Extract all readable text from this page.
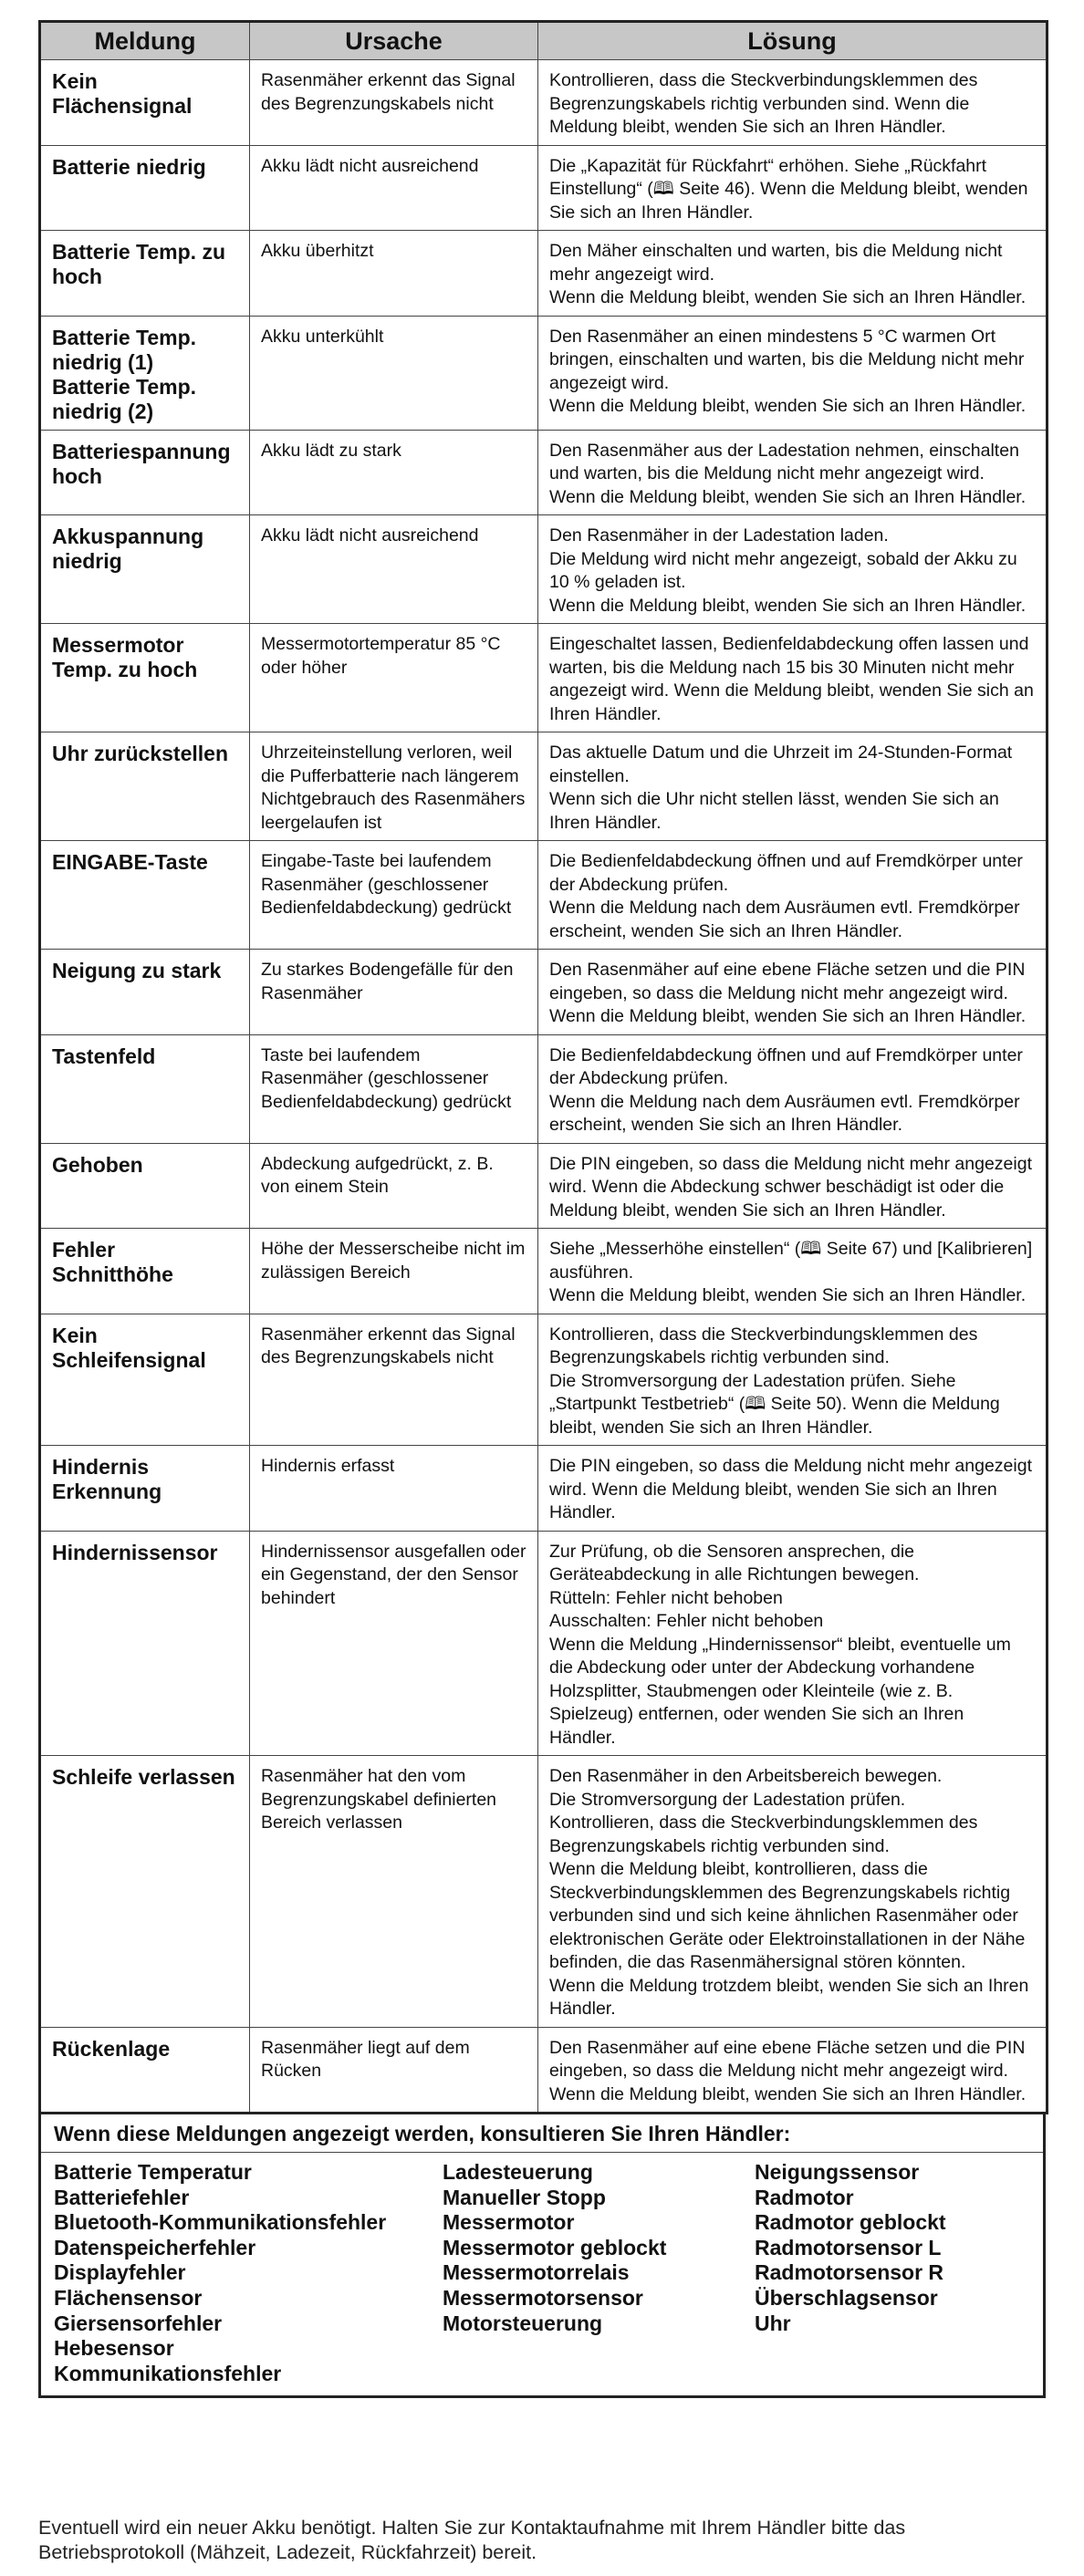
Meldung	Ursache	Lösung

Kein
Flächensignal	Rasenmäher erkennt das Signal des Begrenzungskabels nicht	Kontrollieren, dass die Steckverbindungsklemmen des Begrenzungskabels richtig verbunden sind. Wenn die Meldung bleibt, wenden Sie sich an Ihren Händler.

Batterie niedrig	Akku lädt nicht ausreichend	Die „Kapazität für Rückfahrt“ erhöhen. Siehe „Rückfahrt Einstellung“ (🕮 Seite 46). Wenn die Meldung bleibt, wenden Sie sich an Ihren Händler.

Batterie Temp. zu
hoch	Akku überhitzt	Den Mäher einschalten und warten, bis die Meldung nicht mehr angezeigt wird.
Wenn die Meldung bleibt, wenden Sie sich an Ihren Händler.

Batterie Temp.
niedrig (1)
Batterie Temp.
niedrig (2)	Akku unterkühlt	Den Rasenmäher an einen mindestens 5 °C warmen Ort bringen, einschalten und warten, bis die Meldung nicht mehr angezeigt wird.
Wenn die Meldung bleibt, wenden Sie sich an Ihren Händler.

Batteriespannung
hoch	Akku lädt zu stark	Den Rasenmäher aus der Ladestation nehmen, einschalten und warten, bis die Meldung nicht mehr angezeigt wird.
Wenn die Meldung bleibt, wenden Sie sich an Ihren Händler.

Akkuspannung
niedrig	Akku lädt nicht ausreichend	Den Rasenmäher in der Ladestation laden.
Die Meldung wird nicht mehr angezeigt, sobald der Akku zu 10 % geladen ist.
Wenn die Meldung bleibt, wenden Sie sich an Ihren Händler.

Messermotor
Temp. zu hoch	Messermotortemperatur 85 °C oder höher	Eingeschaltet lassen, Bedienfeldabdeckung offen lassen und warten, bis die Meldung nach 15 bis 30 Minuten nicht mehr angezeigt wird. Wenn die Meldung bleibt, wenden Sie sich an Ihren Händler.

Uhr zurückstellen	Uhrzeiteinstellung verloren, weil die Pufferbatterie nach längerem Nichtgebrauch des Rasenmähers leergelaufen ist	Das aktuelle Datum und die Uhrzeit im 24-Stunden-Format einstellen.
Wenn sich die Uhr nicht stellen lässt, wenden Sie sich an Ihren Händler.

EINGABE-Taste	Eingabe-Taste bei laufendem Rasenmäher (geschlossener Bedienfeldabdeckung) gedrückt	Die Bedienfeldabdeckung öffnen und auf Fremdkörper unter der Abdeckung prüfen.
Wenn die Meldung nach dem Ausräumen evtl. Fremdkörper erscheint, wenden Sie sich an Ihren Händler.

Neigung zu stark	Zu starkes Bodengefälle für den Rasenmäher	Den Rasenmäher auf eine ebene Fläche setzen und die PIN eingeben, so dass die Meldung nicht mehr angezeigt wird. Wenn die Meldung bleibt, wenden Sie sich an Ihren Händler.

Tastenfeld	Taste bei laufendem Rasenmäher (geschlossener Bedienfeldabdeckung) gedrückt	Die Bedienfeldabdeckung öffnen und auf Fremdkörper unter der Abdeckung prüfen.
Wenn die Meldung nach dem Ausräumen evtl. Fremdkörper erscheint, wenden Sie sich an Ihren Händler.

Gehoben	Abdeckung aufgedrückt, z. B. von einem Stein	Die PIN eingeben, so dass die Meldung nicht mehr angezeigt wird. Wenn die Abdeckung schwer beschädigt ist oder die Meldung bleibt, wenden Sie sich an Ihren Händler.

Fehler
Schnitthöhe	Höhe der Messerscheibe nicht im zulässigen Bereich	Siehe „Messerhöhe einstellen“ (🕮 Seite 67) und [Kalibrieren] ausführen.
Wenn die Meldung bleibt, wenden Sie sich an Ihren Händler.

Kein
Schleifensignal	Rasenmäher erkennt das Signal des Begrenzungskabels nicht	Kontrollieren, dass die Steckverbindungsklemmen des Begrenzungskabels richtig verbunden sind.
Die Stromversorgung der Ladestation prüfen. Siehe „Startpunkt Testbetrieb“ (🕮 Seite 50). Wenn die Meldung bleibt, wenden Sie sich an Ihren Händler.

Hindernis
Erkennung	Hindernis erfasst	Die PIN eingeben, so dass die Meldung nicht mehr angezeigt wird. Wenn die Meldung bleibt, wenden Sie sich an Ihren Händler.

Hindernissensor	Hindernissensor ausgefallen oder ein Gegenstand, der den Sensor behindert	Zur Prüfung, ob die Sensoren ansprechen, die Geräteabdeckung in alle Richtungen bewegen.
Rütteln: Fehler nicht behoben
Ausschalten: Fehler nicht behoben
Wenn die Meldung „Hindernissensor“ bleibt, eventuelle um die Abdeckung oder unter der Abdeckung vorhandene Holzsplitter, Staubmengen oder Kleinteile (wie z. B. Spielzeug) entfernen, oder wenden Sie sich an Ihren Händler.

Schleife verlassen	Rasenmäher hat den vom Begrenzungskabel definierten Bereich verlassen	Den Rasenmäher in den Arbeitsbereich bewegen.
Die Stromversorgung der Ladestation prüfen.
Kontrollieren, dass die Steckverbindungsklemmen des Begrenzungskabels richtig verbunden sind.
Wenn die Meldung bleibt, kontrollieren, dass die Steckverbindungsklemmen des Begrenzungskabels richtig verbunden sind und sich keine ähnlichen Rasenmäher oder elektronischen Geräte oder Elektroinstallationen in der Nähe befinden, die das Rasenmähersignal stören könnten.
Wenn die Meldung trotzdem bleibt, wenden Sie sich an Ihren Händler.

Rückenlage	Rasenmäher liegt auf dem Rücken	Den Rasenmäher auf eine ebene Fläche setzen und die PIN eingeben, so dass die Meldung nicht mehr angezeigt wird. Wenn die Meldung bleibt, wenden Sie sich an Ihren Händler.
Wenn diese Meldungen angezeigt werden, konsultieren Sie Ihren Händler:
Batterie Temperatur
Batteriefehler
Bluetooth-Kommunikationsfehler
Datenspeicherfehler
Displayfehler
Flächensensor
Giersensorfehler
Hebesensor
Kommunikationsfehler
Ladesteuerung
Manueller Stopp
Messermotor
Messermotor geblockt
Messermotorrelais
Messermotorsensor
Motorsteuerung
Neigungssensor
Radmotor
Radmotor geblockt
Radmotorsensor L
Radmotorsensor R
Überschlagsensor
Uhr
Eventuell wird ein neuer Akku benötigt. Halten Sie zur Kontaktaufnahme mit Ihrem Händler bitte das Betriebsprotokoll (Mähzeit, Ladezeit, Rückfahrzeit) bereit.
